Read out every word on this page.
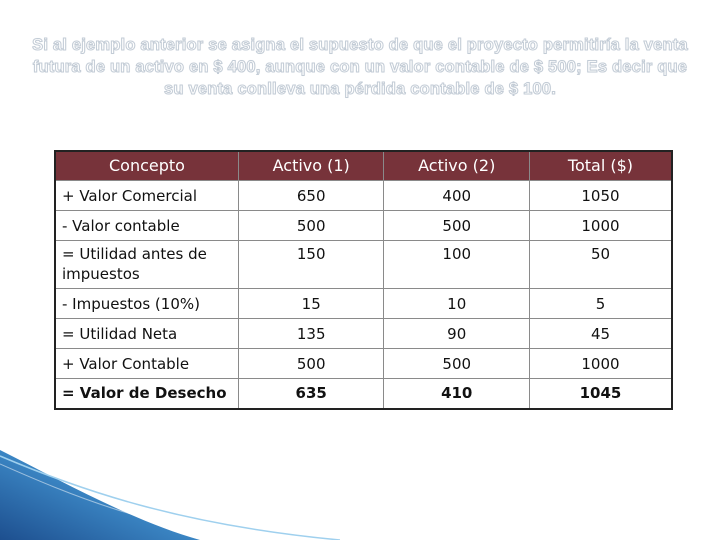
Si al ejemplo anterior se asigna el supuesto de que el proyecto permitiría la venta futura de un activo en $ 400, aunque con un valor contable de $ 500; Es decir que su venta conlleva una pérdida contable de $ 100.
Concepto	Activo (1)	Activo (2)	Total ($)
+ Valor Comercial	650	400	1050
- Valor contable	500	500	1000
= Utilidad antes de impuestos	150	100	50
- Impuestos (10%)	15	10	5
= Utilidad Neta	135	90	45
+ Valor Contable	500	500	1000
= Valor de Desecho	635	410	1045
